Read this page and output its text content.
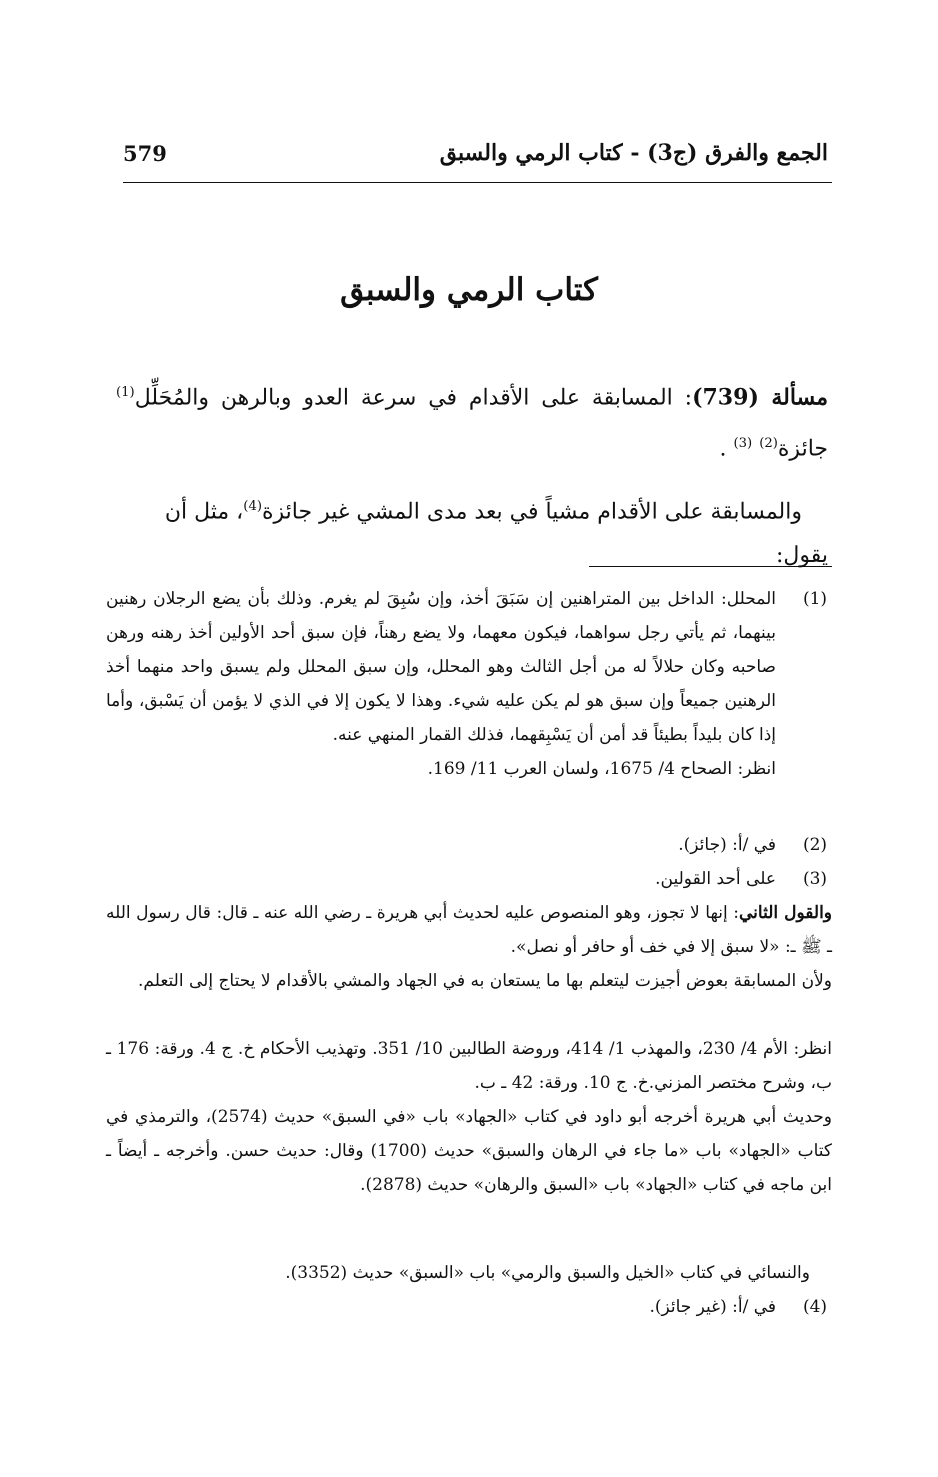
الجمع والفرق (ج3) - كتاب الرمي والسبق
579
كتاب الرمي والسبق
مسألة (739): المسابقة على الأقدام في سرعة العدو وبالرهن والمُحَلِّل$^{(1)}$ جائزة$^{(2)}$ $^{(3)}$ .
والمسابقة على الأقدام مشياً في بعد مدى المشي غير جائزة$^{(4)}$، مثل أن يقول:
(1)
المحلل: الداخل بين المتراهنين إن سَبَقَ أخذ، وإن سُبِقَ لم يغرم. وذلك بأن يضع الرجلان رهنين بينهما، ثم يأتي رجل سواهما، فيكون معهما، ولا يضع رهناً، فإن سبق أحد الأولين أخذ رهنه ورهن صاحبه وكان حلالاً له من أجل الثالث وهو المحلل، وإن سبق المحلل ولم يسبق واحد منهما أخذ الرهنين جميعاً وإن سبق هو لم يكن عليه شيء. وهذا لا يكون إلا في الذي لا يؤمن أن يَسْبق، وأما إذا كان بليداً بطيئاً قد أمن أن يَسْبِقهما، فذلك القمار المنهي عنه.
انظر: الصحاح 4/ 1675، ولسان العرب 11/ 169.
(2)
في /أ: (جائز).
(3)
على أحد القولين.
والقول الثاني: إنها لا تجوز، وهو المنصوص عليه لحديث أبي هريرة ـ رضي الله عنه ـ قال: قال رسول الله ـ ﷺ ـ: «لا سبق إلا في خف أو حافر أو نصل».
ولأن المسابقة بعوض أجيزت ليتعلم بها ما يستعان به في الجهاد والمشي بالأقدام لا يحتاج إلى التعلم.
انظر: الأم 4/ 230، والمهذب 1/ 414، وروضة الطالبين 10/ 351. وتهذيب الأحكام خ. ج 4. ورقة: 176 ـ ب، وشرح مختصر المزني.خ. ج 10. ورقة: 42 ـ ب.
وحديث أبي هريرة أخرجه أبو داود في كتاب «الجهاد» باب «في السبق» حديث (2574)، والترمذي في كتاب «الجهاد» باب «ما جاء في الرهان والسبق» حديث (1700) وقال: حديث حسن. وأخرجه ـ أيضاً ـ ابن ماجه في كتاب «الجهاد» باب «السبق والرهان» حديث (2878).
والنسائي في كتاب «الخيل والسبق والرمي» باب «السبق» حديث (3352).
(4)
في /أ: (غير جائز).
